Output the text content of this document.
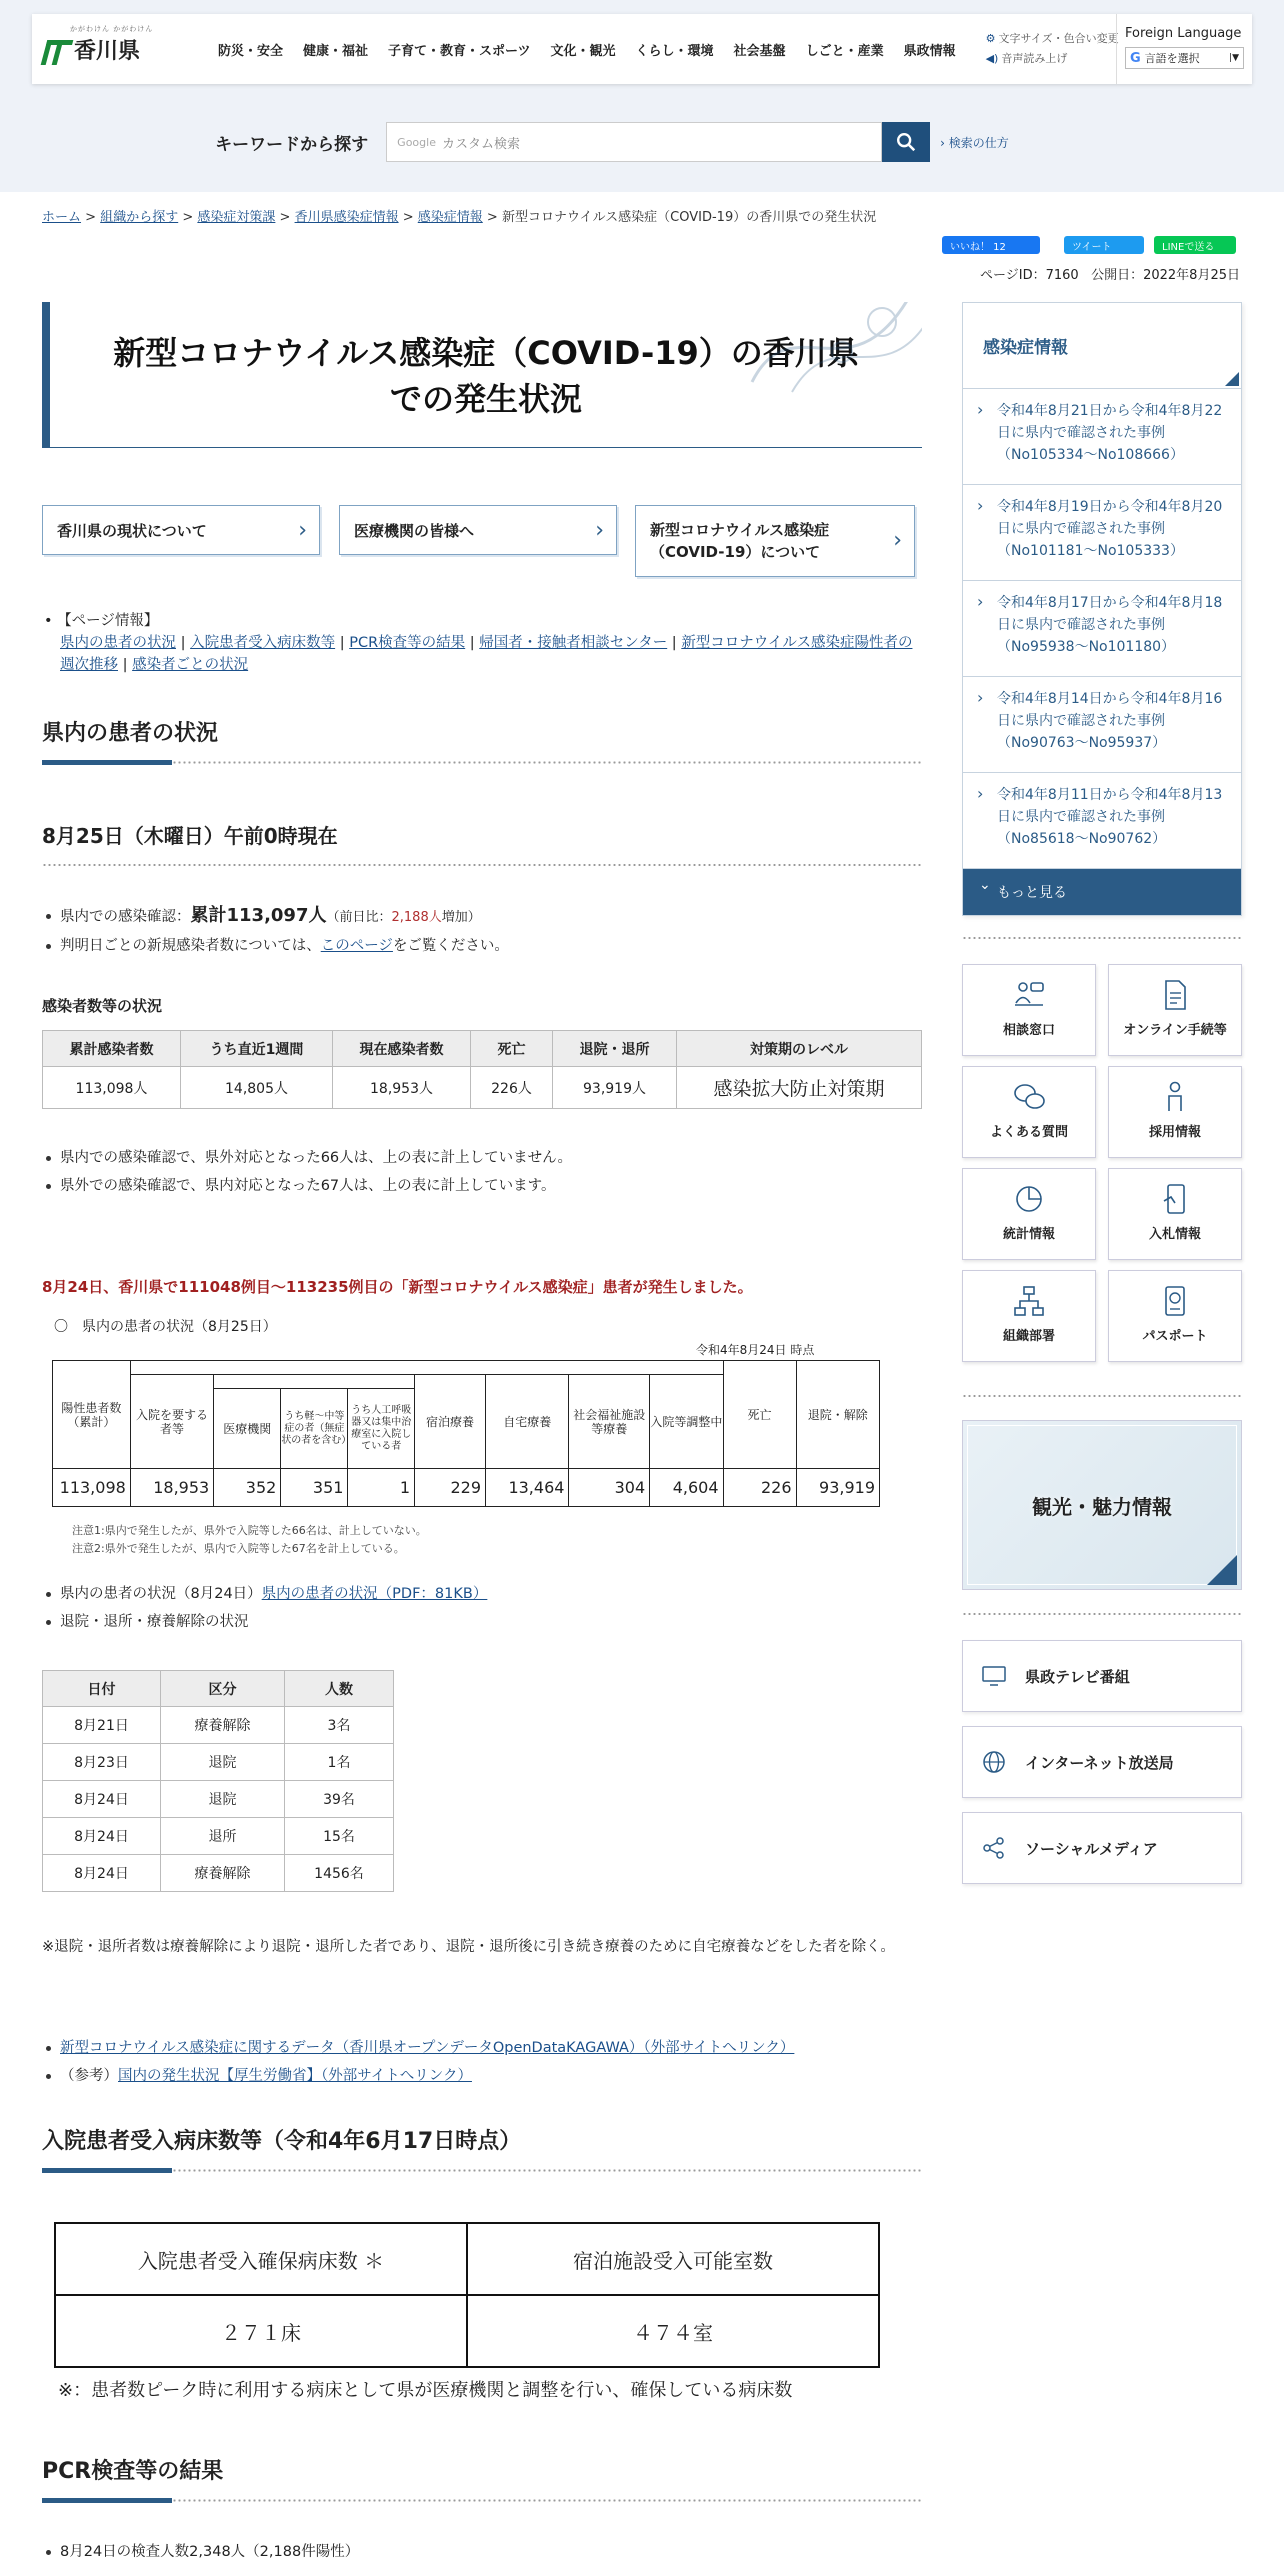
かがわけん かがわけん
香川県	防災・安全 健康・福祉 子育て・教育・スポーツ 文化・観光 くらし・環境 社会基盤 しごと・産業 県政情報
⚙ 文字サイズ・色合い変更
◀) 音声読み上げ
Foreign Language
G 言語を選択	|▼
キーワードから探す	Google カスタム検索	› 検索の仕方
ホーム > 組織から探す > 感染症対策課 > 香川県感染症情報 > 感染症情報 > 新型コロナウイルス感染症（COVID-19）の香川県での発生状況
いいね！ 12	ツイート	LINEで送る
ページID：7160 公開日：2022年8月25日
新型コロナウイルス感染症（COVID-19）の香川県での発生状況
香川県の現状について
›	医療機関の皆様へ
›	新型コロナウイルス感染症（COVID-19）について
›
• 【ページ情報】
県内の患者の状況 | 入院患者受入病床数等 | PCR検査等の結果 | 帰国者・接触者相談センター | 新型コロナウイルス感染症陽性者の週次推移 | 感染者ごとの状況
県内の患者の状況
8月25日（木曜日）午前0時現在
県内での感染確認：累計113,097人（前日比：2,188人増加）
判明日ごとの新規感染者数については、このページをご覧ください。
感染者数等の状況
累計感染者数	うち直近1週間	現在感染者数	死亡	退院・退所	対策期のレベル
113,098人	14,805人	18,953人	226人	93,919人	感染拡大防止対策期
県内での感染確認で、県外対応となった66人は、上の表に計上していません。
県外での感染確認で、県内対応となった67人は、上の表に計上しています。
8月24日、香川県で111048例目～113235例目の「新型コロナウイルス感染症」患者が発生しました。
〇　県内の患者の状況（8月25日）
令和4年8月24日 時点
陽性患者数（累計）									死亡	退院・解除
	入院を要する者等				宿泊療養	自宅療養	社会福祉施設等療養	入院等調整中		
		医療機関	うち軽～中等症の者（無症状の者を含む）	うち人工呼吸器又は集中治療室に入院している者						
113,098	18,953	352	351	1	229	13,464	304	4,604	226	93,919
注意1:県内で発生したが、県外で入院等した66名は、計上していない。
注意2:県外で発生したが、県内で入院等した67名を計上している。
県内の患者の状況（8月24日）県内の患者の状況（PDF：81KB）
退院・退所・療養解除の状況
日付	区分	人数
8月21日	療養解除	3名
8月23日	退院	1名
8月24日	退院	39名
8月24日	退所	15名
8月24日	療養解除	1456名
※退院・退所者数は療養解除により退院・退所した者であり、退院・退所後に引き続き療養のために自宅療養などをした者を除く。
新型コロナウイルス感染症に関するデータ（香川県オープンデータOpenDataKAGAWA）（外部サイトへリンク）
（参考）国内の発生状況【厚生労働省】（外部サイトへリンク）
入院患者受入病床数等（令和4年6月17日時点）
入院患者受入確保病床数 ＊	宿泊施設受入可能室数
２７１床	４７４室
※：患者数ピーク時に利用する病床として県が医療機関と調整を行い、確保している病床数
PCR検査等の結果
8月24日の検査人数2,348人（2,188件陽性）
感染症情報
› 令和4年8月21日から令和4年8月22日に県内で確認された事例（No105334～No108666）
› 令和4年8月19日から令和4年8月20日に県内で確認された事例（No101181～No105333）
› 令和4年8月17日から令和4年8月18日に県内で確認された事例（No95938～No101180）
› 令和4年8月14日から令和4年8月16日に県内で確認された事例（No90763～No95937）
› 令和4年8月11日から令和4年8月13日に県内で確認された事例（No85618～No90762）
⌄ もっと見る
相談窓口	オンライン手続等
よくある質問	採用情報
統計情報	入札情報
組織部署	パスポート
観光・魅力情報
県政テレビ番組
インターネット放送局
ソーシャルメディア
